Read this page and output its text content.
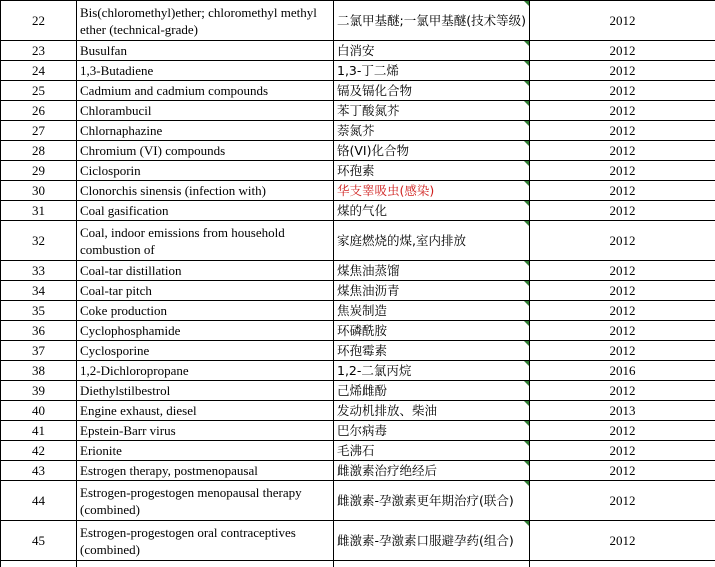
22	Bis(chloromethyl)ether; chloromethyl methyl ether (technical-grade)	二氯甲基醚;一氯甲基醚(技术等级)	2012
23	Busulfan	白消安	2012
24	1,3-Butadiene	1,3-丁二烯	2012
25	Cadmium and cadmium compounds	镉及镉化合物	2012
26	Chlorambucil	苯丁酸氮芥	2012
27	Chlornaphazine	萘氮芥	2012
28	Chromium (VI) compounds	铬(VI)化合物	2012
29	Ciclosporin	环孢素	2012
30	Clonorchis sinensis (infection with)	华支睾吸虫(感染)	2012
31	Coal gasification	煤的气化	2012
32	Coal, indoor emissions from household combustion of	家庭燃烧的煤,室内排放	2012
33	Coal-tar distillation	煤焦油蒸馏	2012
34	Coal-tar pitch	煤焦油沥青	2012
35	Coke production	焦炭制造	2012
36	Cyclophosphamide	环磷酰胺	2012
37	Cyclosporine	环孢霉素	2012
38	1,2-Dichloropropane	1,2-二氯丙烷	2016
39	Diethylstilbestrol	己烯雌酚	2012
40	Engine exhaust, diesel	发动机排放、柴油	2013
41	Epstein-Barr virus	巴尔病毒	2012
42	Erionite	毛沸石	2012
43	Estrogen therapy, postmenopausal	雌激素治疗绝经后	2012
44	Estrogen-progestogen menopausal therapy (combined)	雌激素-孕激素更年期治疗(联合)	2012
45	Estrogen-progestogen oral contraceptives (combined)	雌激素-孕激素口服避孕药(组合)	2012
